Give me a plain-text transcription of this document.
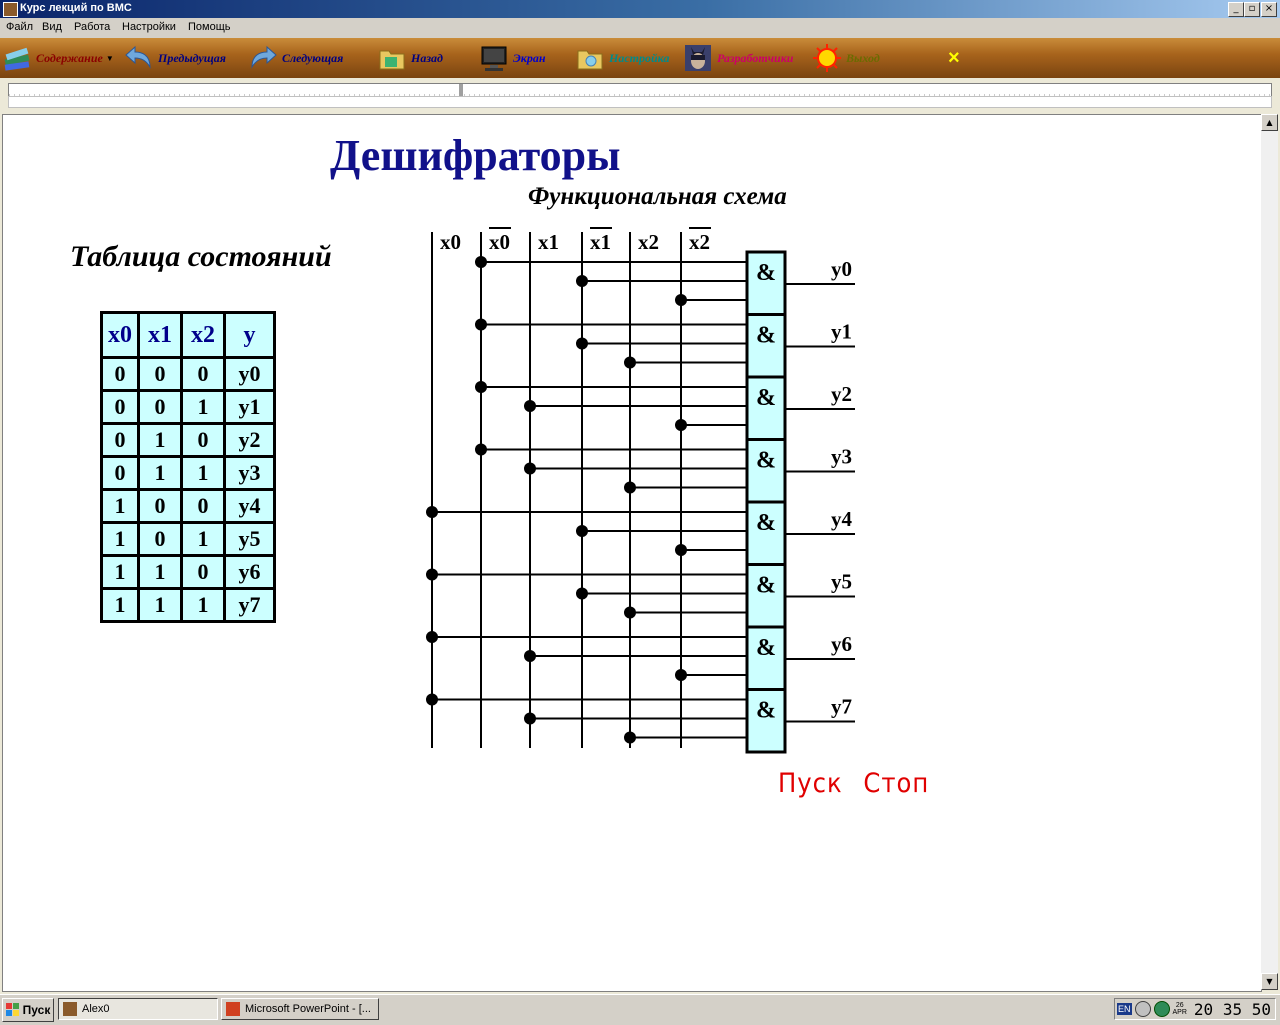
Курс лекций по ВМС	_	▫ ×
Файл Вид Работа Настройки Помощь
Содержание ▼	Предыдущая	Следующая	Назад	Экран	Настройка	Разработчики	Выход	×
▲
▼
Дешифраторы
Функциональная схема
Таблица состояний
x0	x1	x2	y
0	0	0	y0
0	0	1	y1
0	1	0	y2
0	1	1	y3
1	0	0	y4
1	0	1	y5
1	1	0	y6
1	1	1	y7
x0 x0 x1 x1 x2 x2
&	y0
&	y1
&	y2
&	y3
&	y4
&	y5
&	y6
&	y7
Пуск Стоп
Пуск	Alex0	Microsoft PowerPoint - [...	EN	26
APR 20 35 50
